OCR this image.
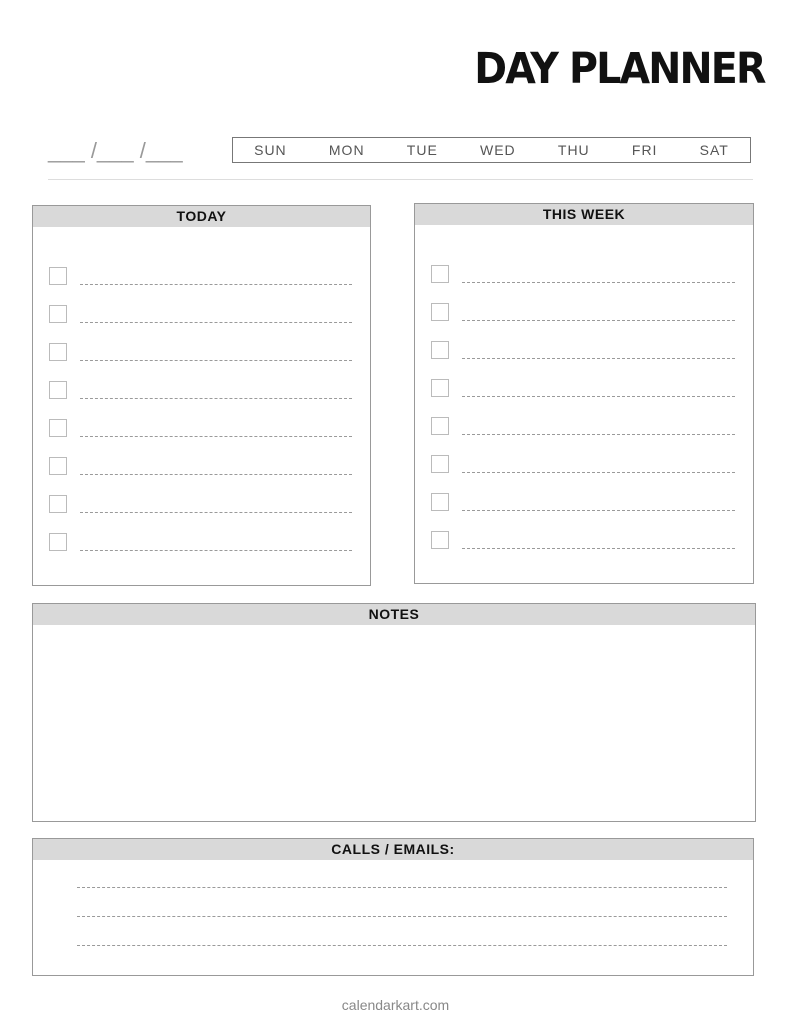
DAY PLANNER
___ /___ /___	SUN	MON	TUE	WED	THU	FRI	SAT
TODAY	THIS WEEK
NOTES
CALLS / EMAILS:
calendarkart.com
